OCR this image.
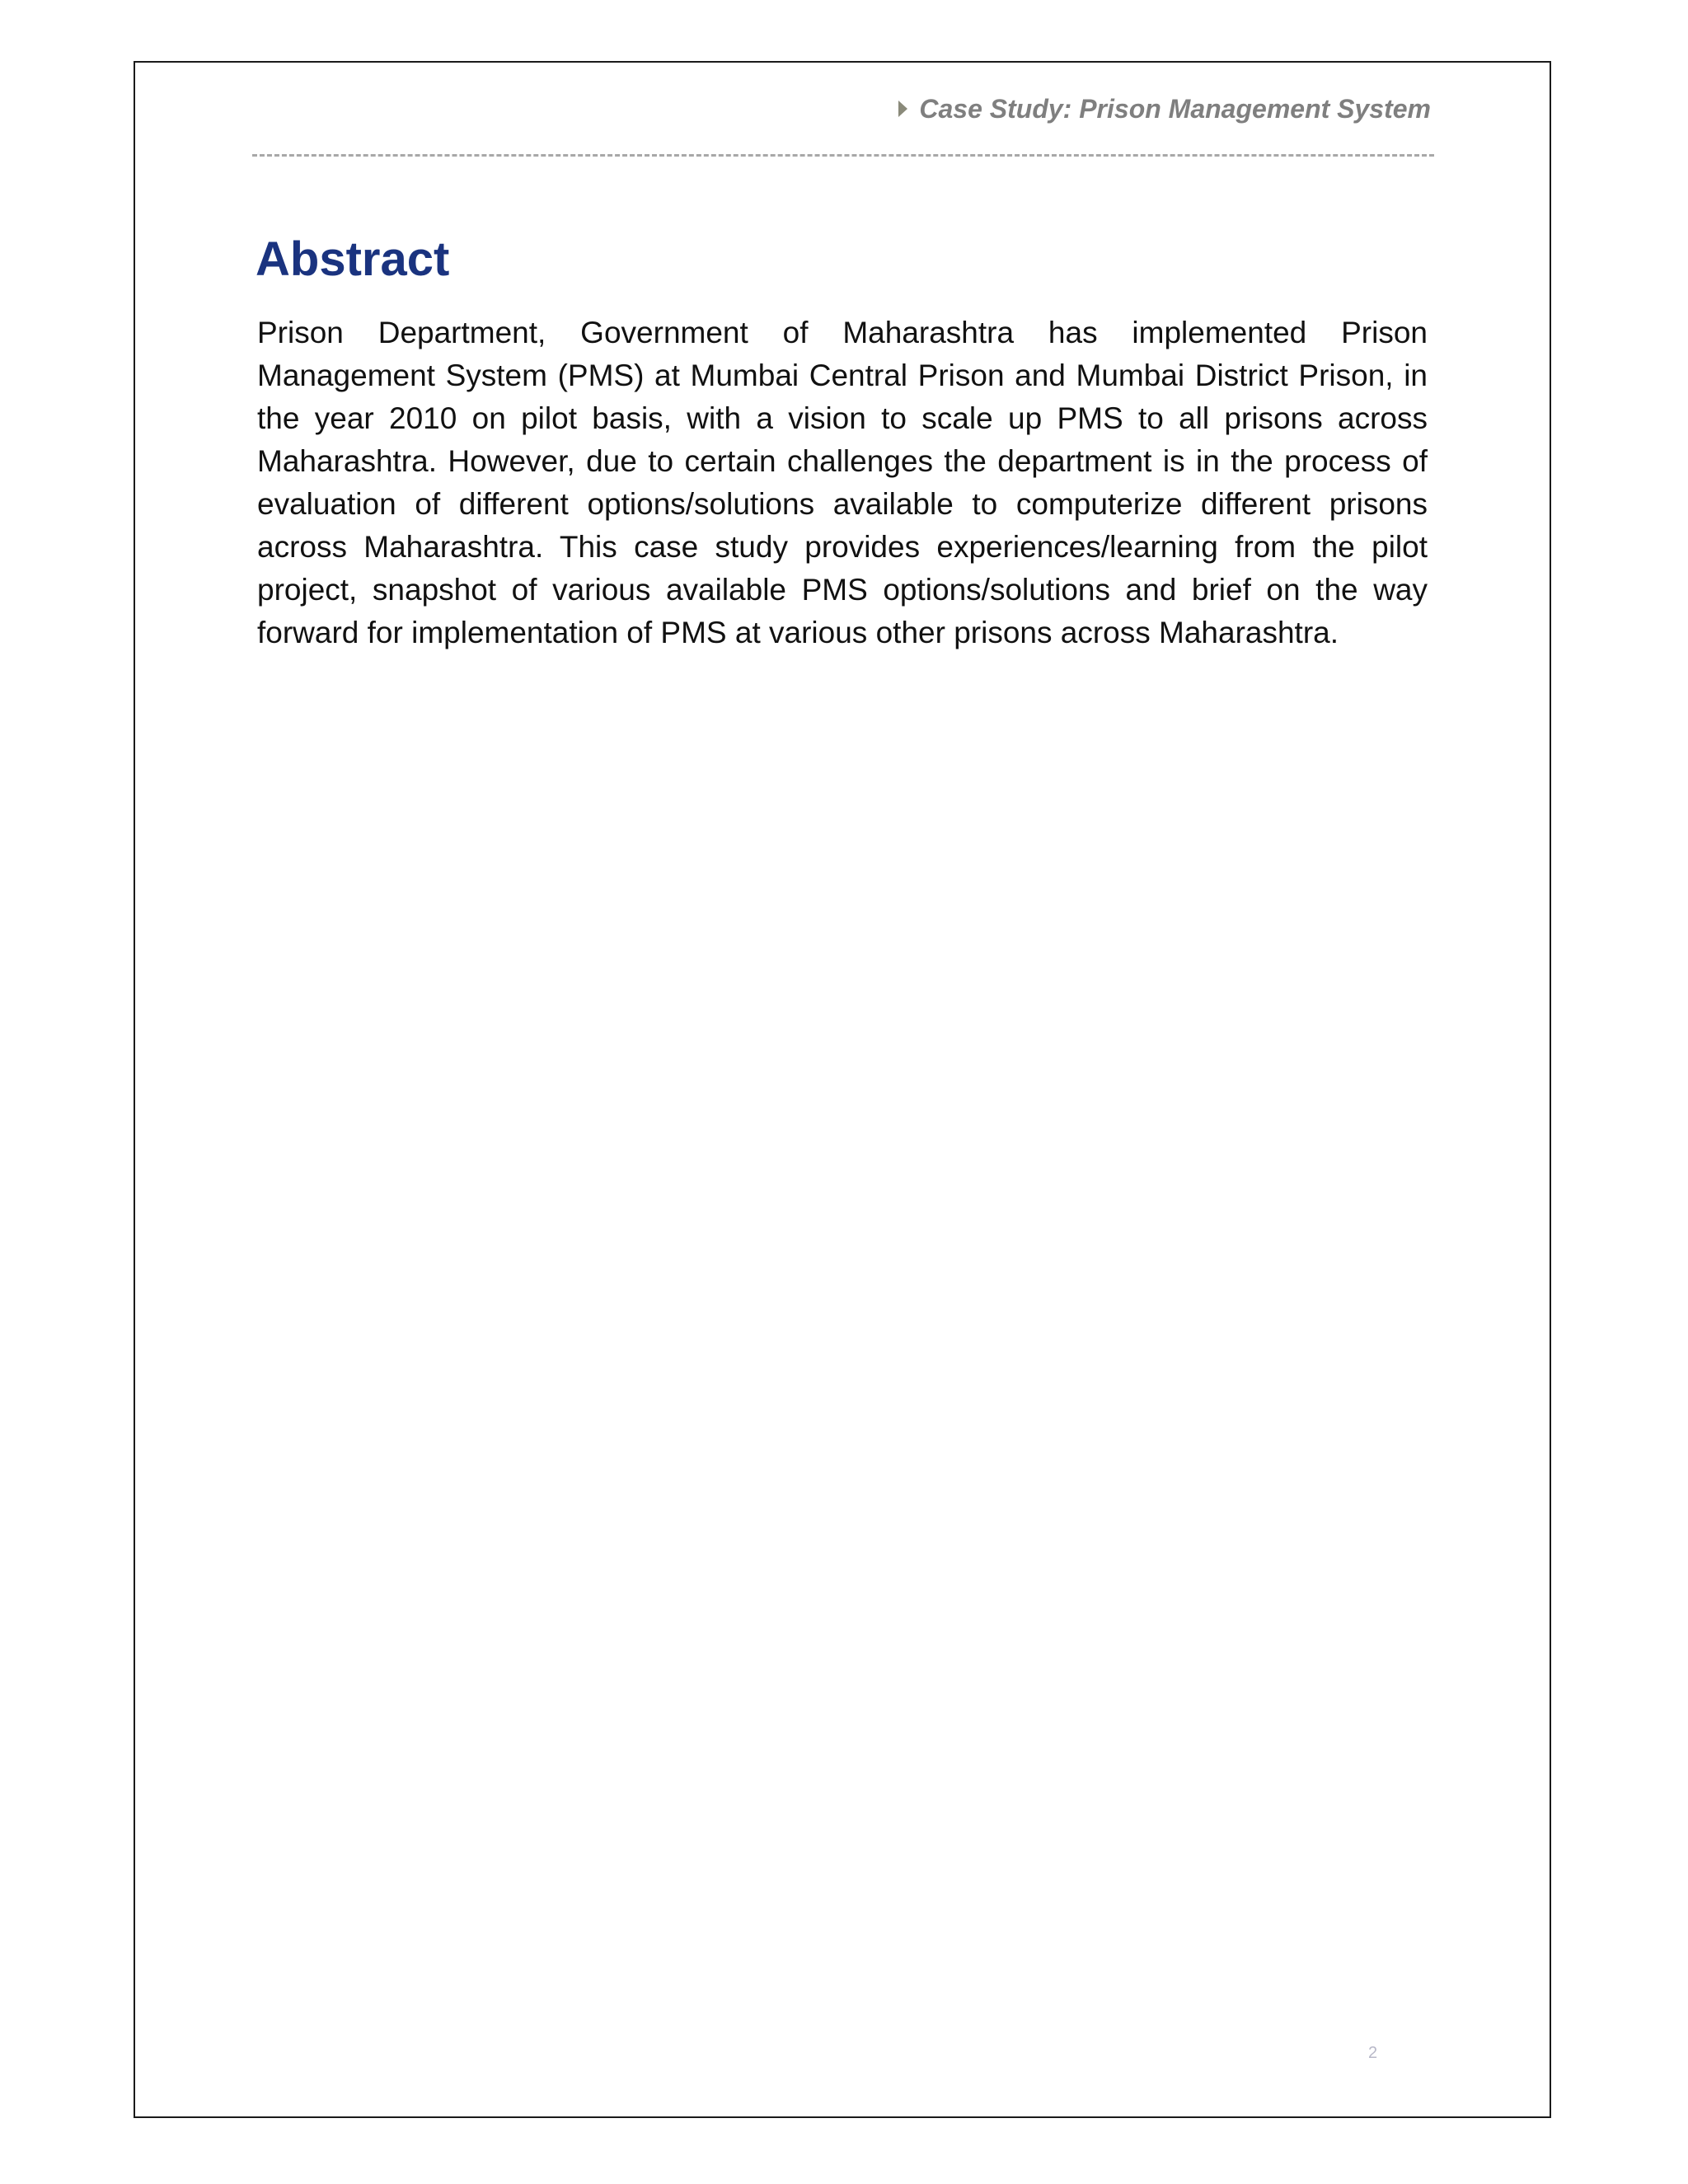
Case Study: Prison Management System
Abstract

Prison Department, Government of Maharashtra has implemented Prison Management System (PMS) at Mumbai Central Prison and Mumbai District Prison, in the year 2010 on pilot basis, with a vision to scale up PMS to all prisons across Maharashtra. However, due to certain challenges the department is in the process of evaluation of different options/solutions available to computerize different prisons across Maharashtra. This case study provides experiences/learning from the pilot project, snapshot of various available PMS options/solutions and brief on the way forward for implementation of PMS at various other prisons across Maharashtra.

2
